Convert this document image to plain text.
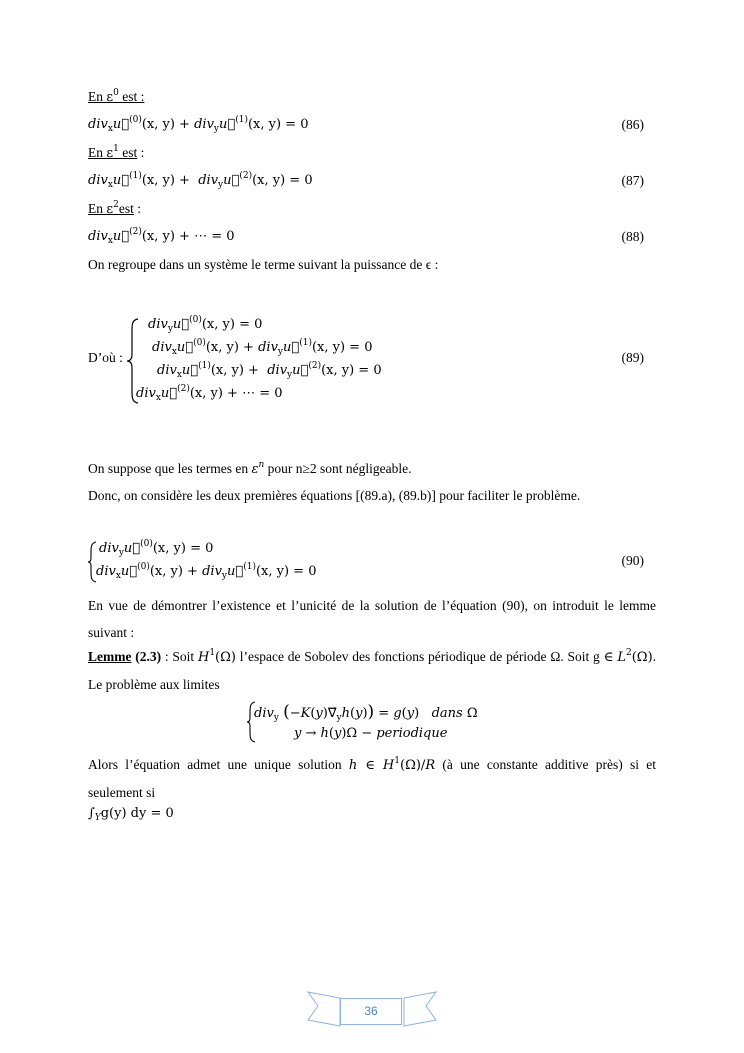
En $\varepsilon^0$ est :
div$_x$u⃗$^{(0)}$(x, y) + div$_y$u⃗$^{(1)}$(x, y) = 0	(86)
En $\varepsilon^1$ est :
div$_x$u⃗$^{(1)}$(x, y) +  div$_y$u⃗$^{(2)}$(x, y) = 0	(87)
En $\varepsilon^2est$ :
div$_x$u⃗$^{(2)}$(x, y) + ⋯ = 0	(88)
On regroupe dans un système le terme suivant la puissance de ϵ :
D’où :
div$_y$u⃗$^{(0)}$(x, y) = 0
div$_x$u⃗$^{(0)}$(x, y) + div$_y$u⃗$^{(1)}$(x, y) = 0
div$_x$u⃗$^{(1)}$(x, y) +  div$_y$u⃗$^{(2)}$(x, y) = 0
div$_x$u⃗$^{(2)}$(x, y) + ⋯ = 0
(89)
On suppose que les termes en $\varepsilon^n$ pour n≥2 sont négligeable.
Donc, on considère les deux premières équations [(89.a), (89.b)] pour faciliter le problème.
div$_y$u⃗$^{(0)}$(x, y) = 0
div$_x$u⃗$^{(0)}$(x, y) + div$_y$u⃗$^{(1)}$(x, y) = 0
(90)
En vue de démontrer l’existence et l’unicité de la solution de l’équation (90), on introduit le lemme suivant :
Lemme (2.3) : Soit $H^1(\Omega)$ l’espace de Sobolev des fonctions périodique de période Ω. Soit g ∈ $L^2(\Omega)$. Le problème aux limites
div$_y$ $(-K(y)\nabla⃗_yh(y)) = g(y)$   dans Ω
y → h(y)Ω − periodique
Alors l’équation admet une unique solution h ∈ $H^1(\Omega)/R$ (à une constante additive près) si et seulement si
$\int_Yg(y)$ dy = 0
36
